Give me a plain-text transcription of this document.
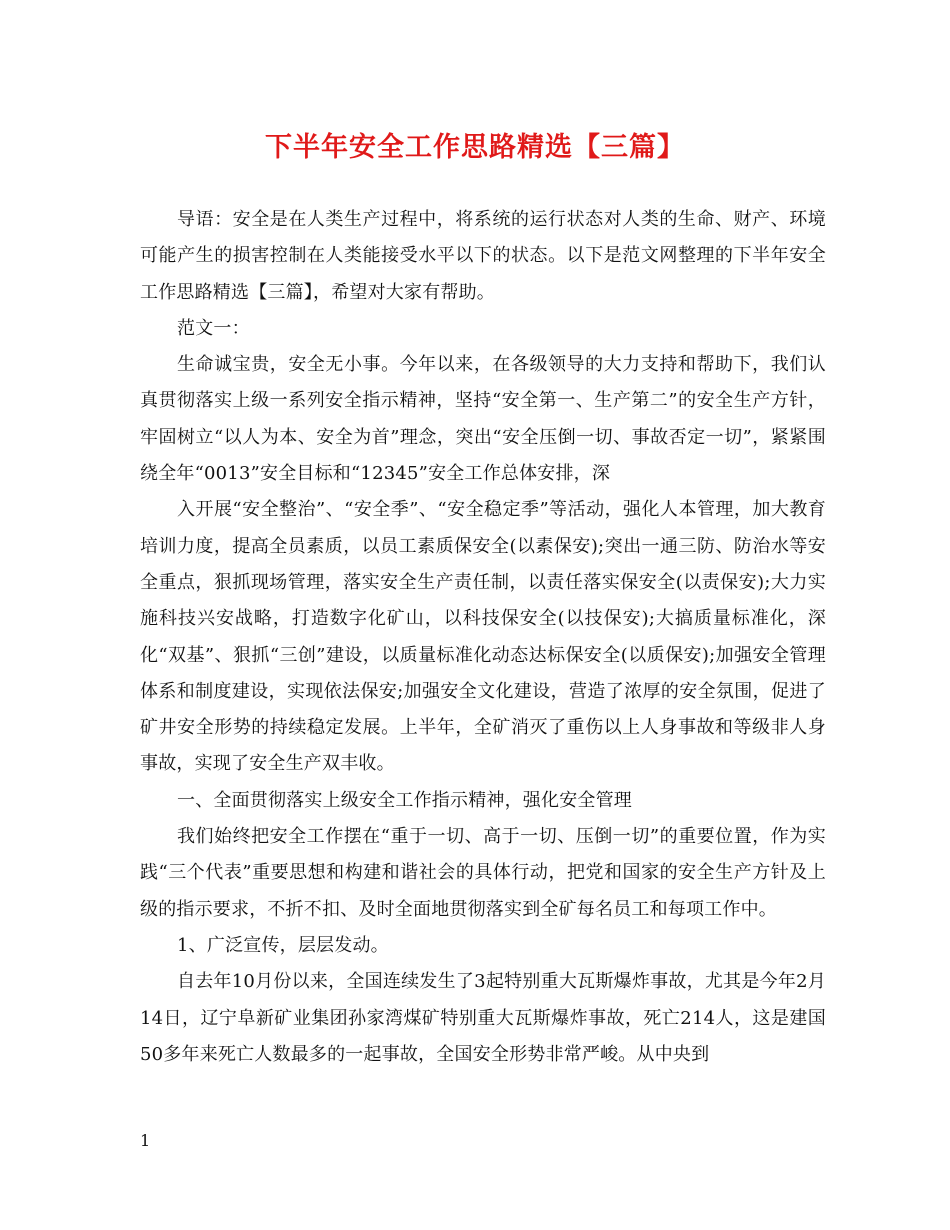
下半年安全工作思路精选【三篇】

导语：安全是在人类生产过程中，将系统的运行状态对人类的生命、财产、环境可能产生的损害控制在人类能接受水平以下的状态。以下是范文网整理的下半年安全工作思路精选【三篇】，希望对大家有帮助。

范文一：

生命诚宝贵，安全无小事。今年以来，在各级领导的大力支持和帮助下，我们认真贯彻落实上级一系列安全指示精神，坚持“安全第一、生产第二”的安全生产方针，牢固树立“以人为本、安全为首”理念，突出“安全压倒一切、事故否定一切”，紧紧围绕全年“0013”安全目标和“12345”安全工作总体安排，深

入开展“安全整治”、“安全季”、“安全稳定季”等活动，强化人本管理，加大教育培训力度，提高全员素质，以员工素质保安全(以素保安);突出一通三防、防治水等安全重点，狠抓现场管理，落实安全生产责任制，以责任落实保安全(以责保安);大力实施科技兴安战略，打造数字化矿山，以科技保安全(以技保安);大搞质量标准化，深化“双基”、狠抓“三创”建设，以质量标准化动态达标保安全(以质保安);加强安全管理体系和制度建设，实现依法保安;加强安全文化建设，营造了浓厚的安全氛围，促进了矿井安全形势的持续稳定发展。上半年，全矿消灭了重伤以上人身事故和等级非人身事故，实现了安全生产双丰收。

一、全面贯彻落实上级安全工作指示精神，强化安全管理

我们始终把安全工作摆在“重于一切、高于一切、压倒一切”的重要位置，作为实践“三个代表”重要思想和构建和谐社会的具体行动，把党和国家的安全生产方针及上级的指示要求，不折不扣、及时全面地贯彻落实到全矿每名员工和每项工作中。

1、广泛宣传，层层发动。

自去年10月份以来，全国连续发生了3起特别重大瓦斯爆炸事故，尤其是今年2月14日，辽宁阜新矿业集团孙家湾煤矿特别重大瓦斯爆炸事故，死亡214人，这是建国50多年来死亡人数最多的一起事故，全国安全形势非常严峻。从中央到

1
